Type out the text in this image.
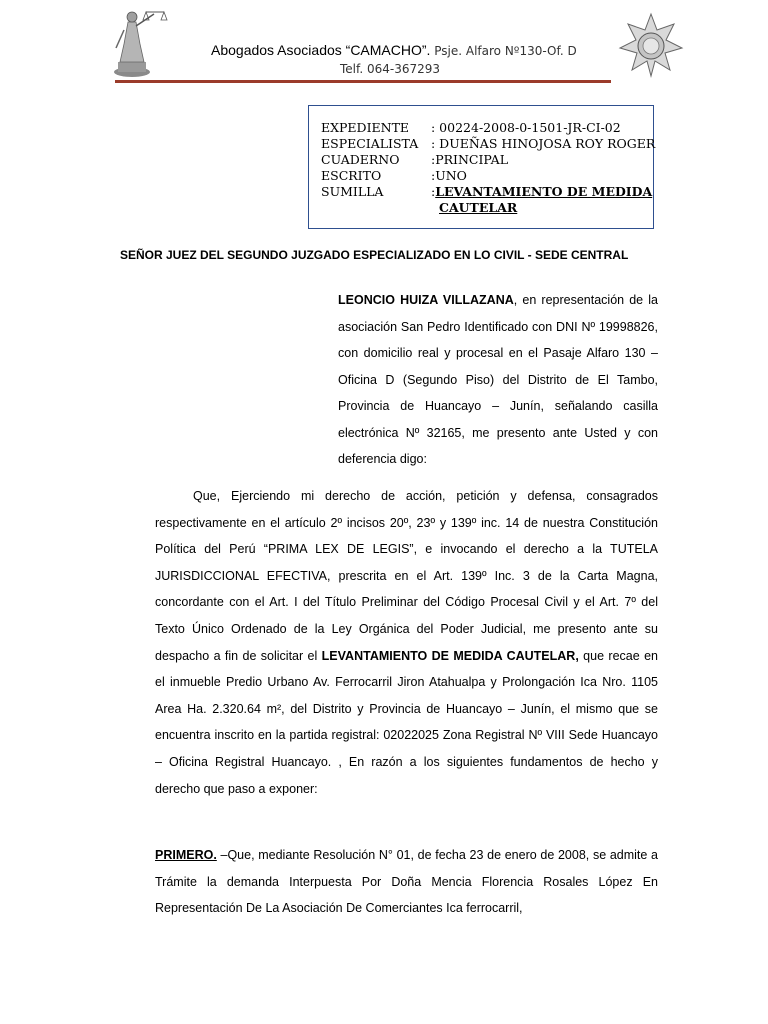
Abogados Asociados “CAMACHO”. Psje. Alfaro Nº130-Of. D
Telf. 064-367293
EXPEDIENTE : 00224-2008-0-1501-JR-CI-02
ESPECIALISTA : DUEÑAS HINOJOSA ROY ROGER
CUADERNO	:PRINCIPAL
ESCRITO	:UNO
SUMILLA	:LEVANTAMIENTO DE MEDIDA
CAUTELAR
SEÑOR JUEZ DEL SEGUNDO JUZGADO ESPECIALIZADO EN LO CIVIL - SEDE CENTRAL
LEONCIO HUIZA VILLAZANA, en representación de la asociación San Pedro Identificado con DNI Nº 19998826, con domicilio real y procesal en el Pasaje Alfaro 130 – Oficina D (Segundo Piso) del Distrito de El Tambo, Provincia de Huancayo – Junín, señalando casilla electrónica Nº 32165, me presento ante Usted y con deferencia digo:
Que, Ejerciendo mi derecho de acción, petición y defensa, consagrados respectivamente en el artículo 2º incisos 20º, 23º y 139º inc. 14 de nuestra Constitución Política del Perú “PRIMA LEX DE LEGIS”, e invocando el derecho a la TUTELA JURISDICCIONAL EFECTIVA, prescrita en el Art. 139º Inc. 3 de la Carta Magna, concordante con el Art. I del Título Preliminar del Código Procesal Civil y el Art. 7º del Texto Único Ordenado de la Ley Orgánica del Poder Judicial, me presento ante su despacho a fin de solicitar el LEVANTAMIENTO DE MEDIDA CAUTELAR, que recae en el inmueble Predio Urbano Av. Ferrocarril Jiron Atahualpa y Prolongación Ica Nro. 1105 Area Ha. 2.320.64 m², del Distrito y Provincia de Huancayo – Junín, el mismo que se encuentra inscrito en la partida registral: 02022025 Zona Registral Nº VIII Sede Huancayo – Oficina Registral Huancayo. , En razón a los siguientes fundamentos de hecho y derecho que paso a exponer:
PRIMERO. –Que, mediante Resolución N° 01, de fecha 23 de enero de 2008, se admite a Trámite la demanda Interpuesta Por Doña Mencia Florencia Rosales López En Representación De La Asociación De Comerciantes Ica ferrocarril,
